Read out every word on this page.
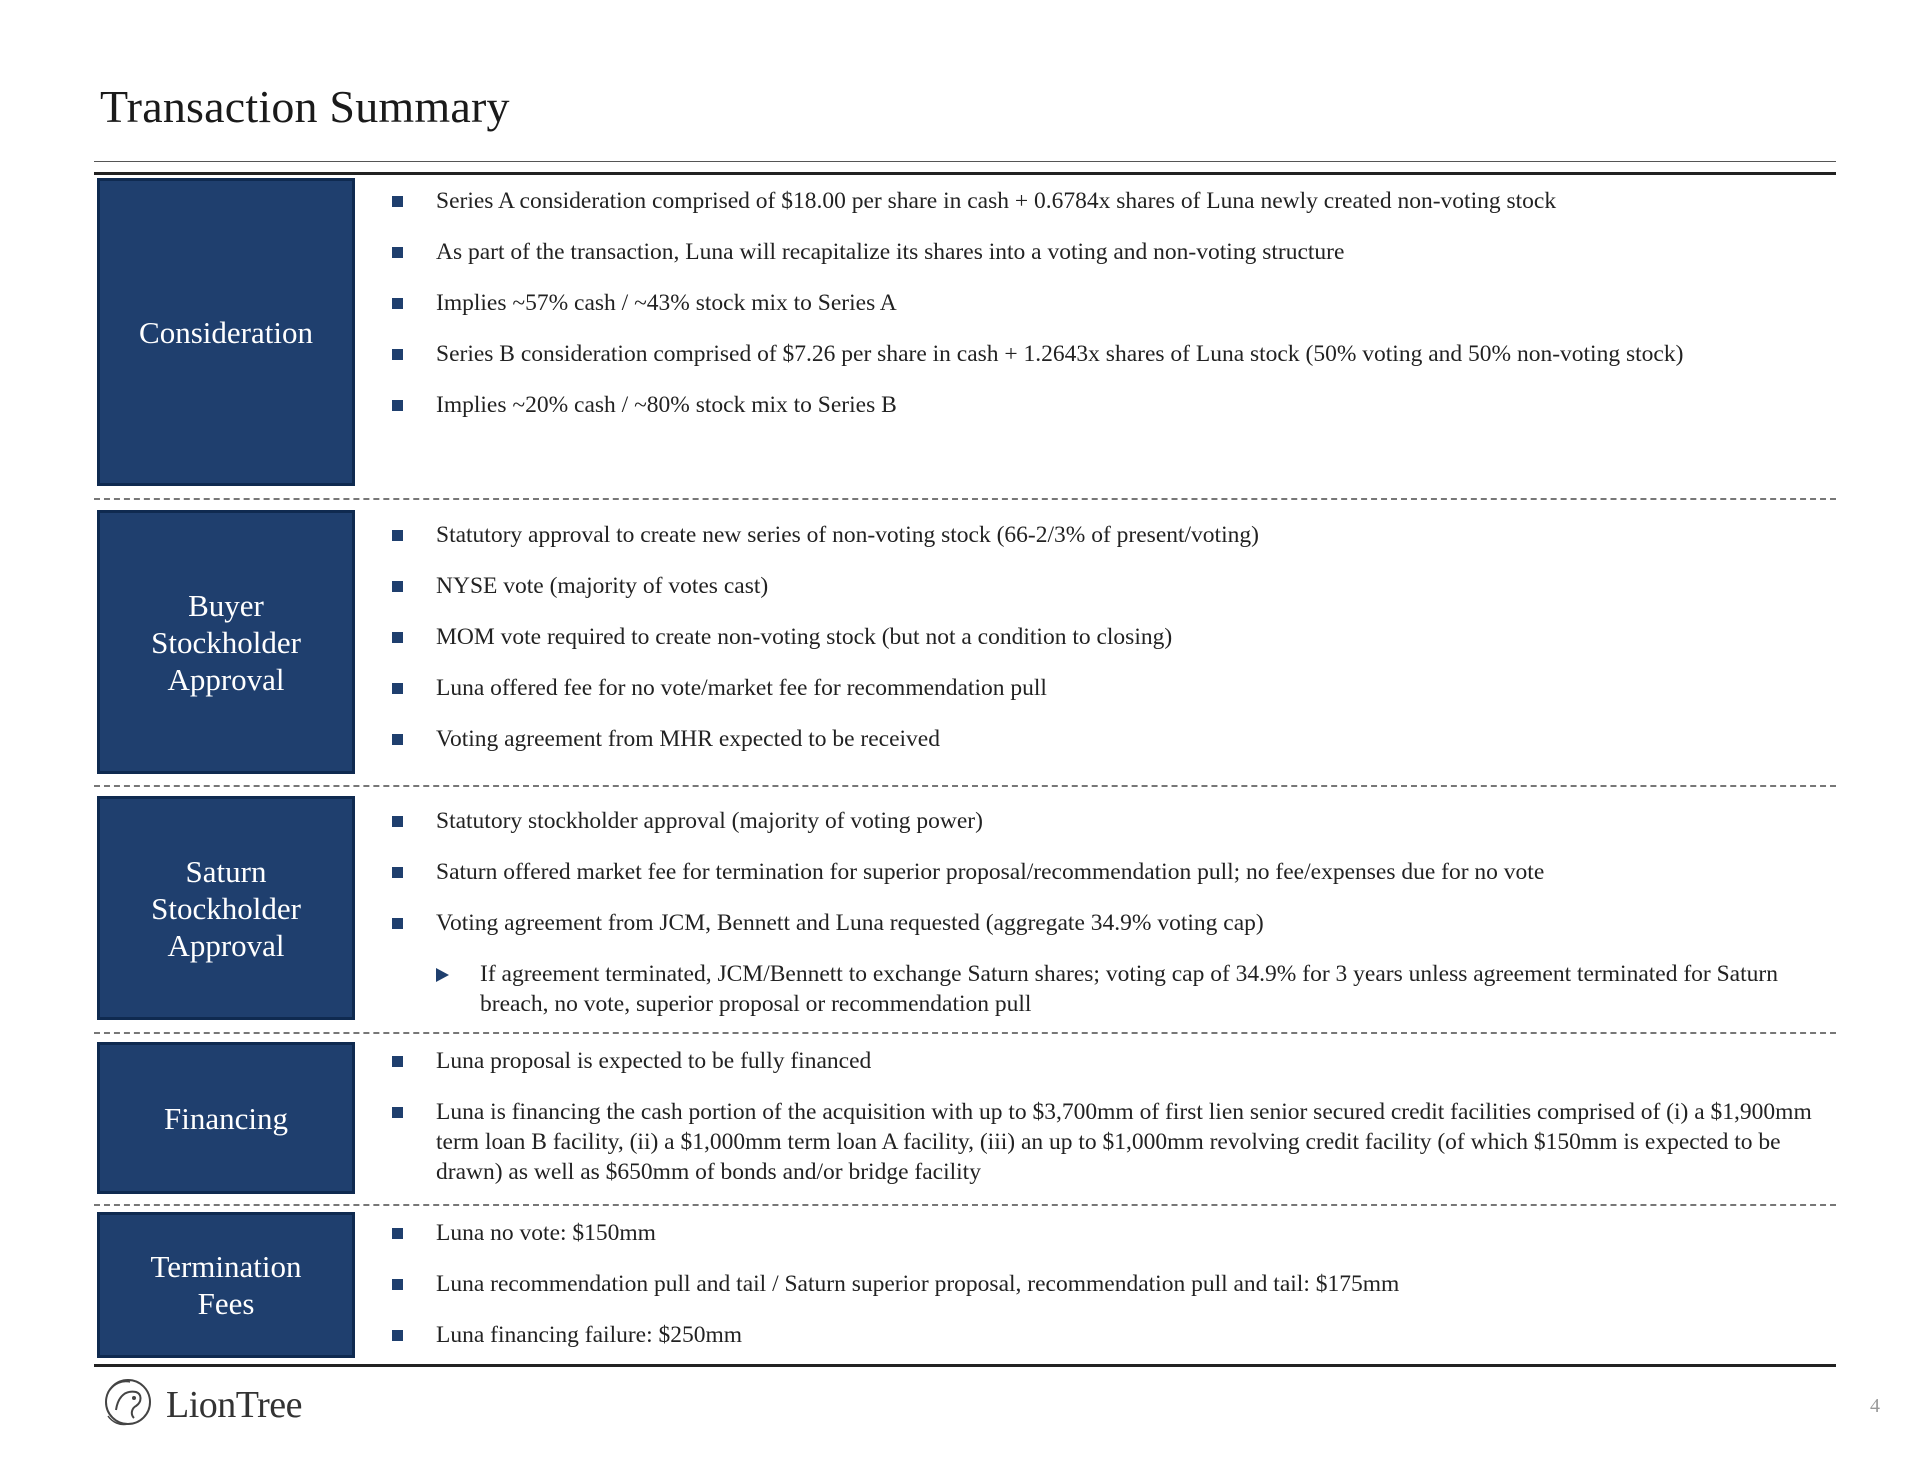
Transaction Summary
Consideration
Series A consideration comprised of $18.00 per share in cash + 0.6784x shares of Luna newly created non-voting stock
As part of the transaction, Luna will recapitalize its shares into a voting and non-voting structure
Implies ~57% cash / ~43% stock mix to Series A
Series B consideration comprised of $7.26 per share in cash + 1.2643x shares of Luna stock (50% voting and 50% non-voting stock)
Implies ~20% cash / ~80% stock mix to Series B
Buyer
Stockholder
Approval
Statutory approval to create new series of non-voting stock (66-2/3% of present/voting)
NYSE vote (majority of votes cast)
MOM vote required to create non-voting stock (but not a condition to closing)
Luna offered fee for no vote/market fee for recommendation pull
Voting agreement from MHR expected to be received
Saturn
Stockholder
Approval
Statutory stockholder approval (majority of voting power)
Saturn offered market fee for termination for superior proposal/recommendation pull; no fee/expenses due for no vote
Voting agreement from JCM, Bennett and Luna requested (aggregate 34.9% voting cap)
If agreement terminated, JCM/Bennett to exchange Saturn shares; voting cap of 34.9% for 3 years unless agreement terminated for Saturn breach, no vote, superior proposal or recommendation pull
Financing
Luna proposal is expected to be fully financed
Luna is financing the cash portion of the acquisition with up to $3,700mm of first lien senior secured credit facilities comprised of (i) a $1,900mm term loan B facility, (ii) a $1,000mm term loan A facility, (iii) an up to $1,000mm revolving credit facility (of which $150mm is expected to be drawn) as well as $650mm of bonds and/or bridge facility
Termination
Fees
Luna no vote: $150mm
Luna recommendation pull and tail / Saturn superior proposal, recommendation pull and tail: $175mm
Luna financing failure: $250mm
LionTree	4
